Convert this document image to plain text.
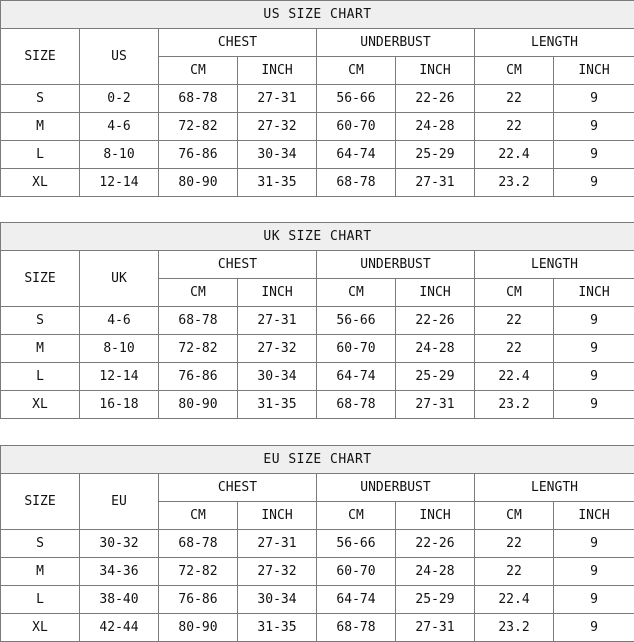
US SIZE CHART							
SIZE	US	CHEST		UNDERBUST		LENGTH	
		CM	INCH	CM	INCH	CM	INCH
S	0-2	68-78	27-31	56-66	22-26	22	9
M	4-6	72-82	27-32	60-70	24-28	22	9
L	8-10	76-86	30-34	64-74	25-29	22.4	9
XL	12-14	80-90	31-35	68-78	27-31	23.2	9
UK SIZE CHART							
SIZE	UK	CHEST		UNDERBUST		LENGTH	
		CM	INCH	CM	INCH	CM	INCH
S	4-6	68-78	27-31	56-66	22-26	22	9
M	8-10	72-82	27-32	60-70	24-28	22	9
L	12-14	76-86	30-34	64-74	25-29	22.4	9
XL	16-18	80-90	31-35	68-78	27-31	23.2	9
EU SIZE CHART							
SIZE	EU	CHEST		UNDERBUST		LENGTH	
		CM	INCH	CM	INCH	CM	INCH
S	30-32	68-78	27-31	56-66	22-26	22	9
M	34-36	72-82	27-32	60-70	24-28	22	9
L	38-40	76-86	30-34	64-74	25-29	22.4	9
XL	42-44	80-90	31-35	68-78	27-31	23.2	9
